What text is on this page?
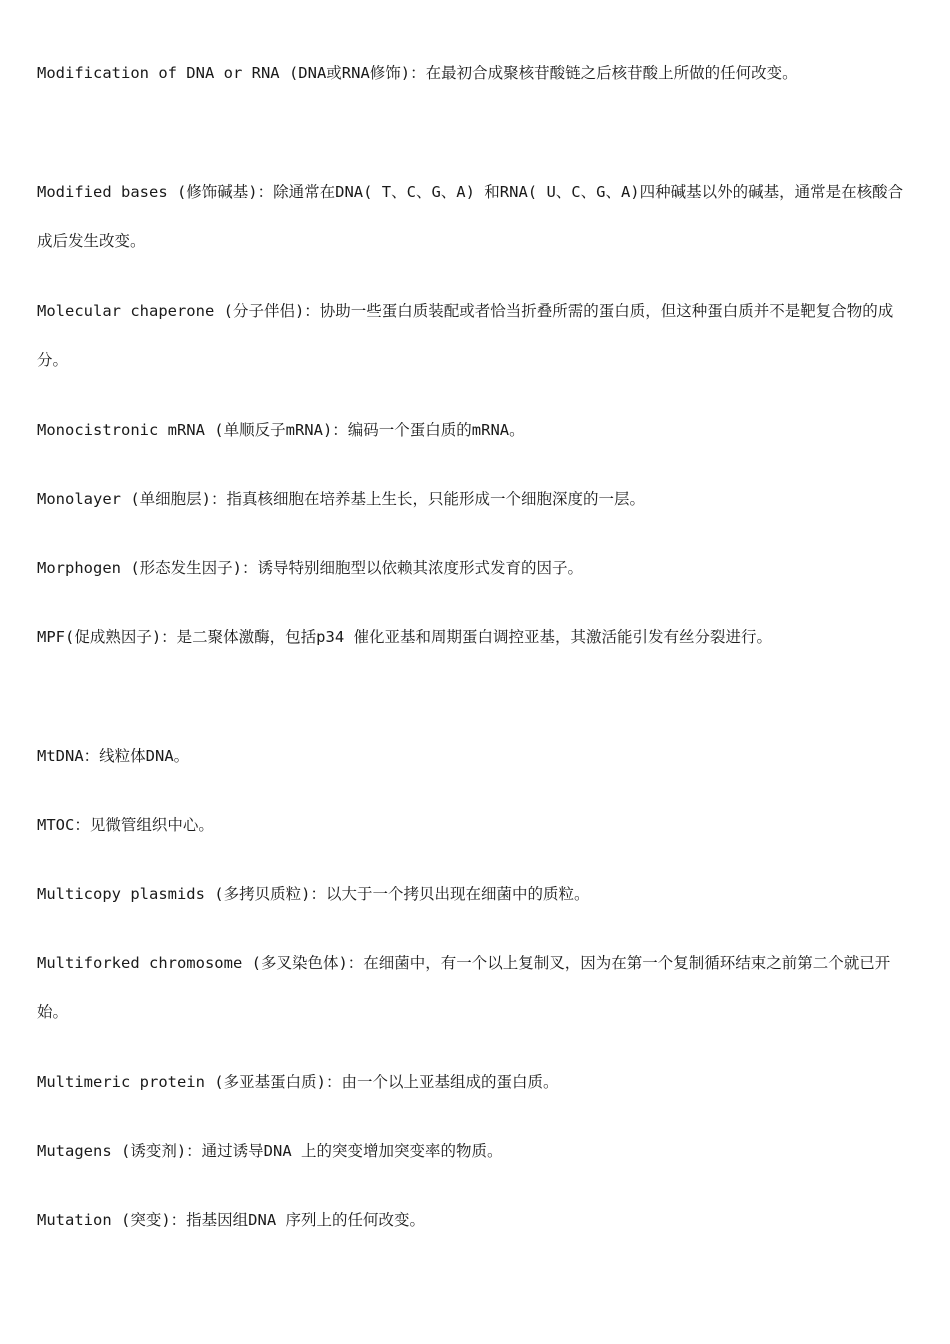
Modification of DNA or RNA (DNA或RNA修饰)：在最初合成聚核苷酸链之后核苷酸上所做的任何改变。

Modified bases (修饰碱基)：除通常在DNA( T、C、G、A) 和RNA( U、C、G、A)四种碱基以外的碱基，通常是在核酸合成后发生改变。

Molecular chaperone (分子伴侣)：协助一些蛋白质装配或者恰当折叠所需的蛋白质，但这种蛋白质并不是靶复合物的成分。

Monocistronic mRNA (单顺反子mRNA)：编码一个蛋白质的mRNA。

Monolayer (单细胞层)：指真核细胞在培养基上生长，只能形成一个细胞深度的一层。

Morphogen (形态发生因子)：诱导特别细胞型以依赖其浓度形式发育的因子。

MPF(促成熟因子)：是二聚体激酶，包括p34 催化亚基和周期蛋白调控亚基，其激活能引发有丝分裂进行。

MtDNA：线粒体DNA。

MTOC：见微管组织中心。

Multicopy plasmids (多拷贝质粒)：以大于一个拷贝出现在细菌中的质粒。

Multiforked chromosome (多叉染色体)：在细菌中，有一个以上复制叉，因为在第一个复制循环结束之前第二个就已开始。

Multimeric protein (多亚基蛋白质)：由一个以上亚基组成的蛋白质。

Mutagens (诱变剂)：通过诱导DNA 上的突变增加突变率的物质。

Mutation (突变)：指基因组DNA 序列上的任何改变。
